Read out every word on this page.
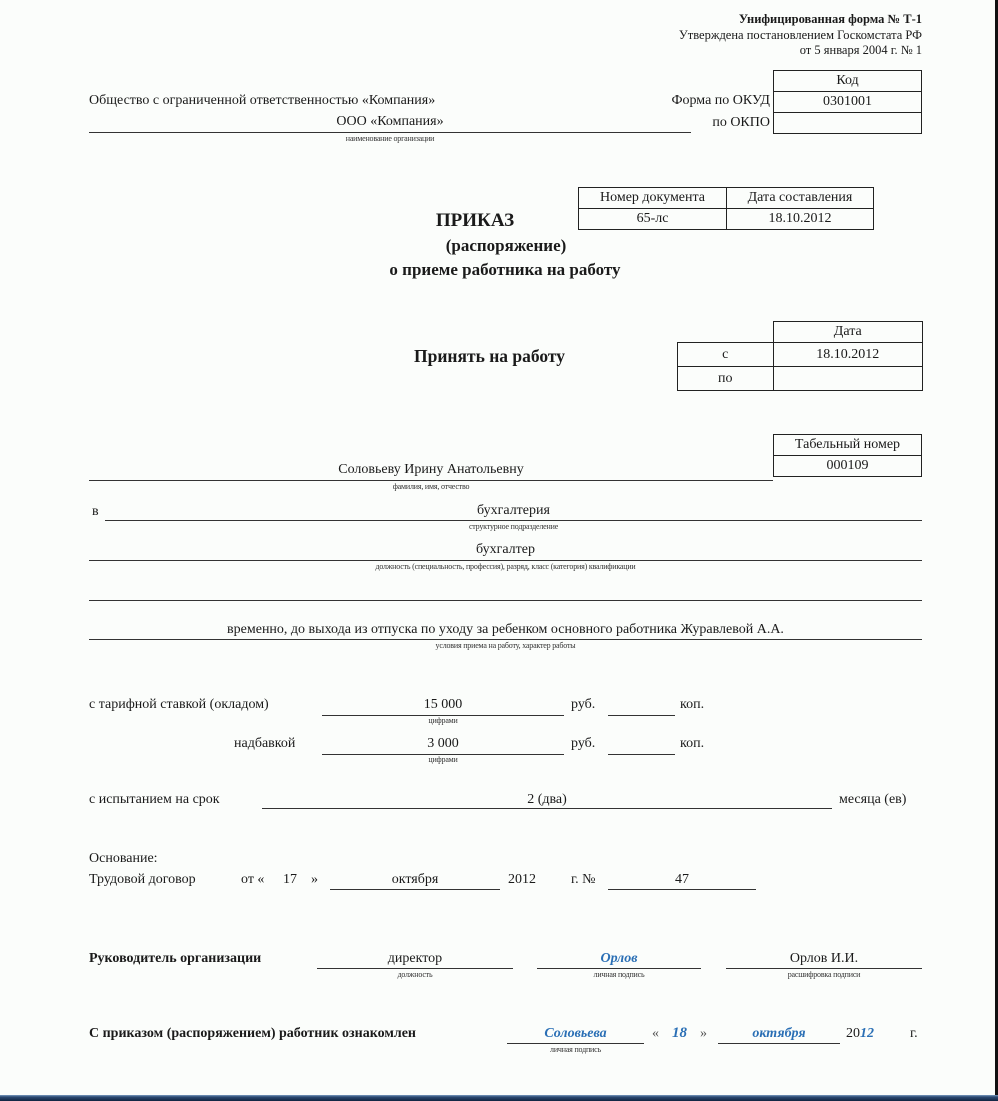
Унифицированная форма № Т-1
Утверждена постановлением Госкомстата РФ
от 5 января 2004 г. № 1
Код
0301001

Форма по ОКУД
по ОКПО
Общество с ограниченной ответственностью «Компания»
ООО «Компания»
наименование организации
Номер документа	Дата составления
65-лс	18.10.2012
ПРИКАЗ
(распоряжение)
о приеме работника на работу
	Дата
с	18.10.2012
по	
Принять на работу
Табельный номер
000109
Соловьеву Ирину Анатольевну
фамилия, имя, отчество
в	бухгалтерия
структурное подразделение
бухгалтер
должность (специальность, профессия), разряд, класс (категория) квалификации
временно, до выхода из отпуска по уходу за ребенком основного работника Журавлевой А.А.
условия приема на работу, характер работы
с тарифной ставкой (окладом)	15 000
цифрами
руб.	коп.
надбавкой	3 000
цифрами
руб.	коп.
с испытанием на срок	2 (два)	месяца (ев)
Основание:
Трудовой договор	от « 17 »	октября	2012	г. №	47
Руководитель организации	директор
должность
Орлов
личная подпись
Орлов И.И.
расшифровка подписи
С приказом (распоряжением) работник ознакомлен	Соловьева
личная подпись
« 18 »	октября	2012	г.
